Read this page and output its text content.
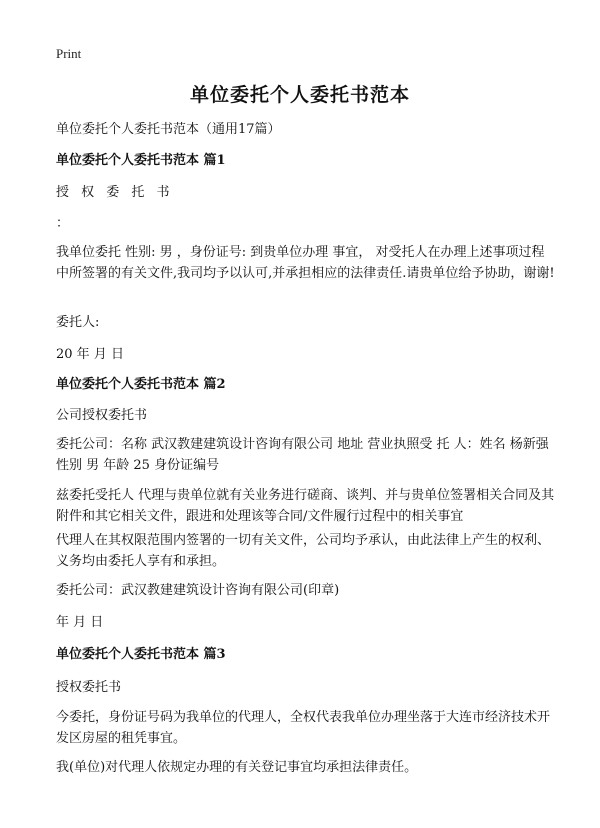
Print
单位委托个人委托书范本

单位委托个人委托书范本（通用17篇）

单位委托个人委托书范本 篇1

授 权 委 托 书

：

我单位委托 性别: 男 ，身份证号: 到贵单位办理 事宜， 对受托人在办理上述事项过程中所签署的有关文件,我司均予以认可,并承担相应的法律责任.请贵单位给予协助，谢谢!

委托人:

20 年 月 日

单位委托个人委托书范本 篇2

公司授权委托书

委托公司：名称 武汉教建建筑设计咨询有限公司 地址 营业执照受 托 人：姓名 杨新强 性别 男 年龄 25 身份证编号

兹委托受托人 代理与贵单位就有关业务进行磋商、谈判、并与贵单位签署相关合同及其附件和其它相关文件，跟进和处理该等合同/文件履行过程中的相关事宜

代理人在其权限范围内签署的一切有关文件，公司均予承认，由此法律上产生的权利、义务均由委托人享有和承担。

委托公司：武汉教建建筑设计咨询有限公司(印章)

年 月 日

单位委托个人委托书范本 篇3

授权委托书

今委托，身份证号码为我单位的代理人，全权代表我单位办理坐落于大连市经济技术开发区房屋的租凭事宜。

我(单位)对代理人依规定办理的有关登记事宜均承担法律责任。
